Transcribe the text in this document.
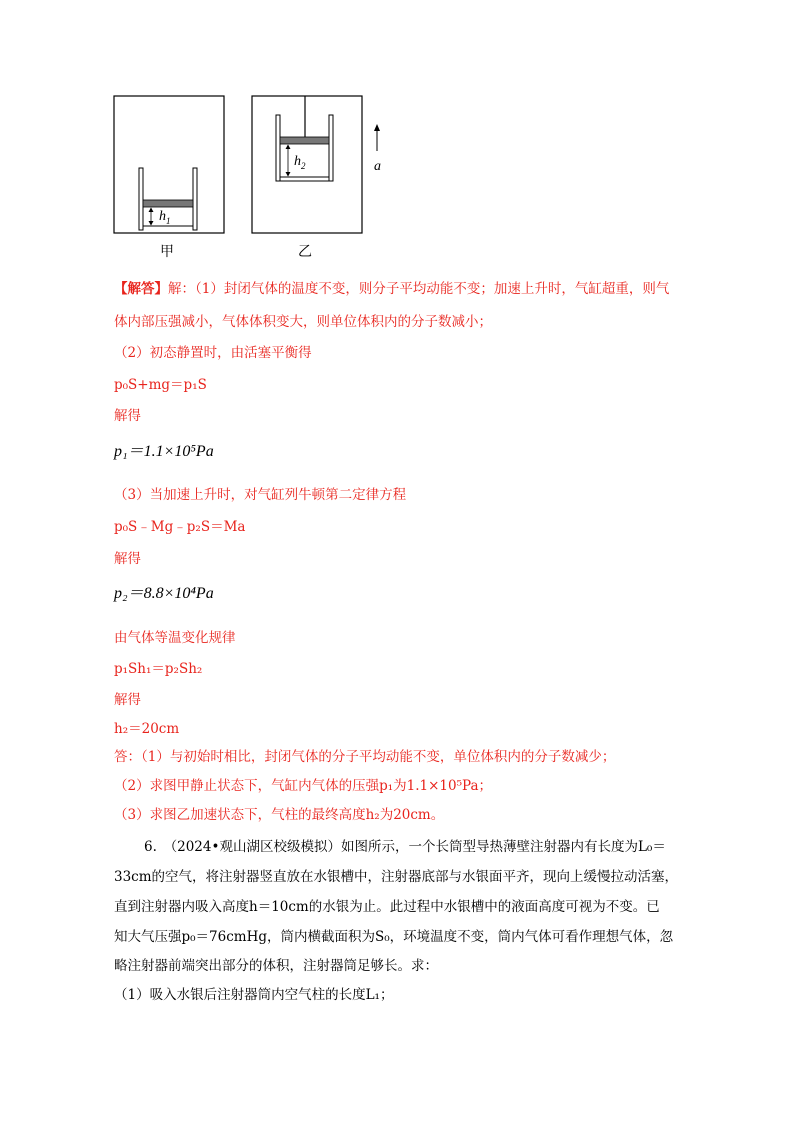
$h_1$
甲
$h_2$
乙
a
【解答】解：（1）封闭气体的温度不变，则分子平均动能不变；加速上升时，气缸超重，则气
体内部压强减小，气体体积变大，则单位体积内的分子数减小；
（2）初态静置时，由活塞平衡得
p₀S+mg＝p₁S
解得
p₁＝1.1×10⁵Pa
（3）当加速上升时，对气缸列牛顿第二定律方程
p₀S﹣Mg﹣p₂S＝Ma
解得
p₂＝8.8×10⁴Pa
由气体等温变化规律
p₁Sh₁＝p₂Sh₂
解得
h₂＝20cm
答：（1）与初始时相比，封闭气体的分子平均动能不变，单位体积内的分子数减少；
（2）求图甲静止状态下，气缸内气体的压强p₁为1.1×10⁵Pa；
（3）求图乙加速状态下，气柱的最终高度h₂为20cm。
6.　（2024•观山湖区校级模拟）如图所示，一个长筒型导热薄壁注射器内有长度为L₀＝
33cm的空气，将注射器竖直放在水银槽中，注射器底部与水银面平齐，现向上缓慢拉动活塞，
直到注射器内吸入高度h＝10cm的水银为止。此过程中水银槽中的液面高度可视为不变。已
知大气压强p₀＝76cmHg，筒内横截面积为S₀，环境温度不变，筒内气体可看作理想气体，忽
略注射器前端突出部分的体积，注射器筒足够长。求：
（1）吸入水银后注射器筒内空气柱的长度L₁；
